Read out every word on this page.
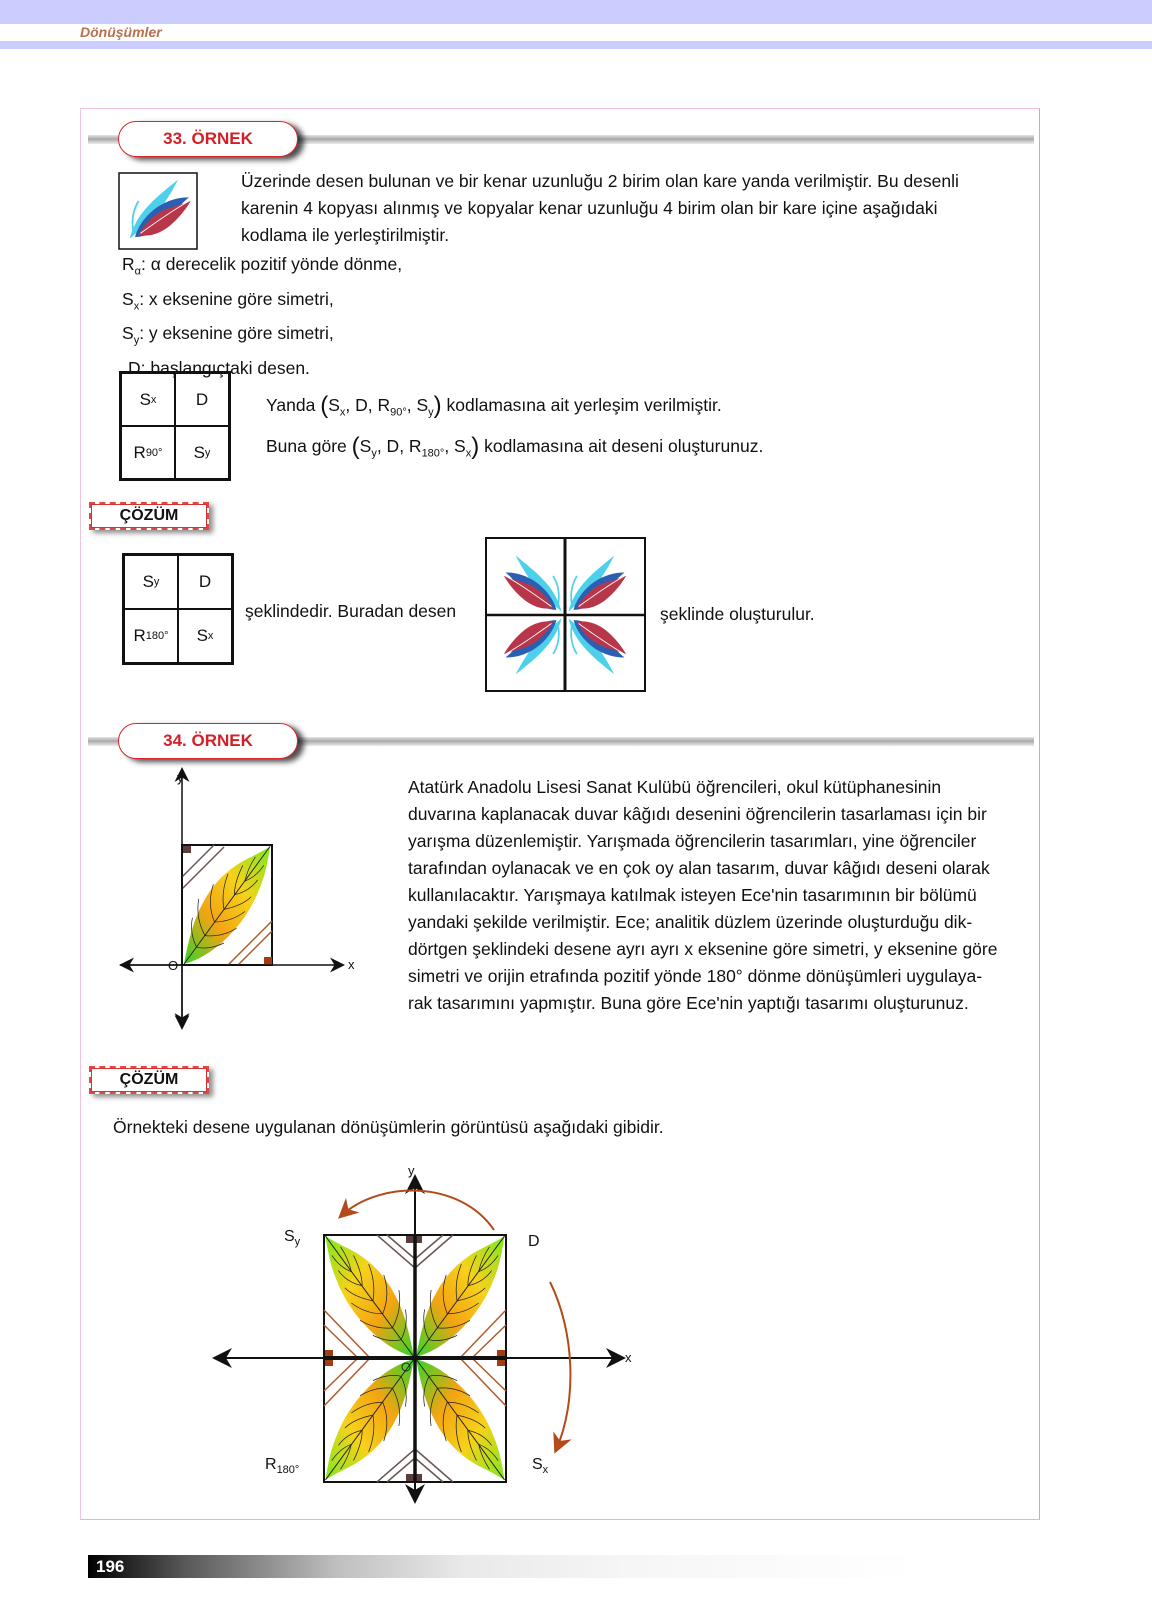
Dönüşümler
33. ÖRNEK
Üzerinde desen bulunan ve bir kenar uzunluğu 2 birim olan kare yanda verilmiştir. Bu desenli
karenin 4 kopyası alınmış ve kopyalar kenar uzunluğu 4 birim olan bir kare içine aşağıdaki
kodlama ile yerleştirilmiştir.
$R_\alpha$: α derecelik pozitif yönde dönme,
$S_x$: x eksenine göre simetri,
$S_y$: y eksenine göre simetri,
D: başlangıçtaki desen.
S x D
R 90° S y
Yanda ($S_x$, D, $R_{90^\circ}$, $S_y$) kodlamasına ait yerleşim verilmiştir.
Buna göre ($S_y$, D, $R_{180^\circ}$, $S_x$) kodlamasına ait deseni oluşturunuz.
ÇÖZÜM
S y D
R 180° S x
şeklindedir. Buradan desen	şeklinde oluşturulur.
34. ÖRNEK
y
x
O
Atatürk Anadolu Lisesi Sanat Kulübü öğrencileri, okul kütüphanesinin
duvarına kaplanacak duvar kâğıdı desenini öğrencilerin tasarlaması için bir
yarışma düzenlemiştir. Yarışmada öğrencilerin tasarımları, yine öğrenciler
tarafından oylanacak ve en çok oy alan tasarım, duvar kâğıdı deseni olarak
kullanılacaktır. Yarışmaya katılmak isteyen Ece'nin tasarımının bir bölümü
yandaki şekilde verilmiştir. Ece; analitik düzlem üzerinde oluşturduğu dik-
dörtgen şeklindeki desene ayrı ayrı x eksenine göre simetri, y eksenine göre
simetri ve orijin etrafında pozitif yönde 180° dönme dönüşümleri uygulaya-
rak tasarımını yapmıştır. Buna göre Ece'nin yaptığı tasarımı oluşturunuz.
ÇÖZÜM
Örnekteki desene uygulanan dönüşümlerin görüntüsü aşağıdaki gibidir.
$S_y$	D
$R_{180^\circ}$	$S_x$
y
x
196
